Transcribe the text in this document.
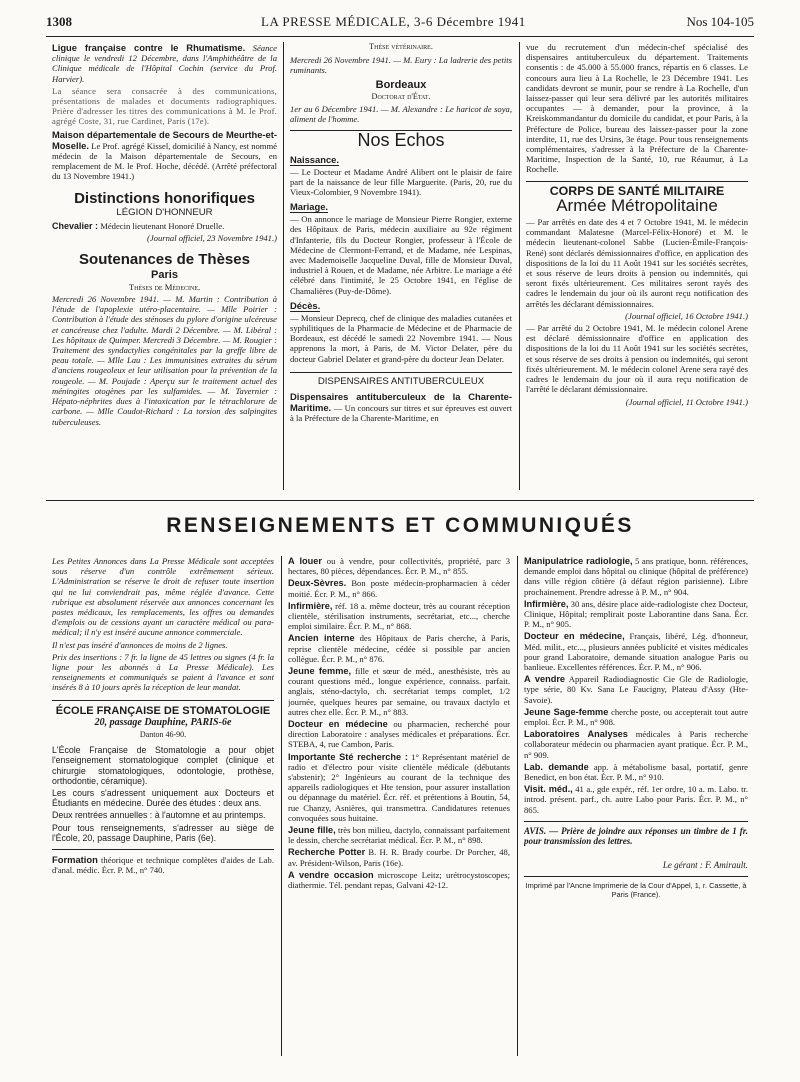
1308	LA PRESSE MÉDICALE, 3-6 Décembre 1941	Nos 104-105

Ligue française contre le Rhumatisme. Séance clinique le vendredi 12 Décembre, dans l'Amphithéâtre de la Clinique médicale de l'Hôpital Cochin (service du Prof. Harvier).

La séance sera consacrée à des communications, présentations de malades et documents radiographiques. Prière d'adresser les titres des communications à M. le Prof. agrégé Coste, 31, rue Cardinet, Paris (17e).

Maison départementale de Secours de Meurthe-et-Moselle. Le Prof. agrégé Kissel, domicilié à Nancy, est nommé médecin de la Maison départementale de Secours, en remplacement de M. le Prof. Hoche, décédé. (Arrêté préfectoral du 13 Novembre 1941.)

Distinctions honorifiques
LÉGION D'HONNEUR

Chevalier : Médecin lieutenant Honoré Druelle.

(Journal officiel, 23 Novembre 1941.)

Soutenances de Thèses
Paris
Thèses de Médecine.

Mercredi 26 Novembre 1941. — M. Martin : Contribution à l'étude de l'apoplexie utéro-placentaire. — Mlle Poirier : Contribution à l'étude des sténoses du pylore d'origine ulcéreuse et cancéreuse chez l'adulte. Mardi 2 Décembre. — M. Libéral : Les hôpitaux de Quimper. Mercredi 3 Décembre. — M. Rougier : Traitement des syndactylies congénitales par la greffe libre de peau totale. — Mlle Lau : Les immunisines extraites du sérum d'anciens rougeoleux et leur utilisation pour la prévention de la rougeole. — M. Poujade : Aperçu sur le traitement actuel des méningites otogènes par les sulfamides. — M. Tavernier : Hépato-néphrites dues à l'intoxication par le tétrachlorure de carbone. — Mlle Coudot-Richard : La torsion des salpingites tuberculeuses.

Thèse vétérinaire.

Mercredi 26 Novembre 1941. — M. Eury : La ladrerie des petits ruminants.

Bordeaux
Doctorat d'État.

1er au 6 Décembre 1941. — M. Alexandre : Le haricot de soya, aliment de l'homme.

Nos Echos
Naissance.

— Le Docteur et Madame André Alibert ont le plaisir de faire part de la naissance de leur fille Marguerite. (Paris, 20, rue du Vieux-Colombier, 9 Novembre 1941).

Mariage.

— On annonce le mariage de Monsieur Pierre Rongier, externe des Hôpitaux de Paris, médecin auxiliaire au 92e régiment d'Infanterie, fils du Docteur Rongier, professeur à l'École de Médecine de Clermont-Ferrand, et de Madame, née Lespinas, avec Mademoiselle Jacqueline Duval, fille de Monsieur Duval, industriel à Rouen, et de Madame, née Arbitre. Le mariage a été célébré dans l'intimité, le 25 Octobre 1941, en l'église de Chamalières (Puy-de-Dôme).

Décès.

— Monsieur Deprecq, chef de clinique des maladies cutanées et syphilitiques de la Pharmacie de Médecine et de Pharmacie de Bordeaux, est décédé le samedi 22 Novembre 1941. — Nous apprenons la mort, à Paris, de M. Victor Delater, père du docteur Gabriel Delater et grand-père du docteur Jean Delater.

DISPENSAIRES ANTITUBERCULEUX

Dispensaires antituberculeux de la Charente-Maritime. — Un concours sur titres et sur épreuves est ouvert à la Préfecture de la Charente-Maritime, en

vue du recrutement d'un médecin-chef spécialisé des dispensaires antituberculeux du département. Traitements consentis : de 45.000 à 55.000 francs, répartis en 6 classes. Le concours aura lieu à La Rochelle, le 23 Décembre 1941. Les candidats devront se munir, pour se rendre à La Rochelle, d'un laissez-passer qui leur sera délivré par les autorités militaires occupantes — à demander, pour la province, à la Kreiskommandantur du domicile du candidat, et pour Paris, à la Préfecture de Police, bureau des laissez-passer pour la zone interdite, 11, rue des Ursins, 3e étage. Pour tous renseignements complémentaires, s'adresser à la Préfecture de la Charente-Maritime, Inspection de la Santé, 10, rue Réaumur, à La Rochelle.

CORPS DE SANTÉ MILITAIRE
Armée Métropolitaine

— Par arrêtés en date des 4 et 7 Octobre 1941, M. le médecin commandant Malatesne (Marcel-Félix-Honoré) et M. le médecin lieutenant-colonel Sabbe (Lucien-Émile-François-René) sont déclarés démissionnaires d'office, en application des dispositions de la loi du 11 Août 1941 sur les sociétés secrètes, et sous réserve de leurs droits à pension ou indemnités, qui seront fixés ultérieurement. Ces militaires seront rayés des cadres le lendemain du jour où ils auront reçu notification des arrêtés les déclarant démissionnaires.

(Journal officiel, 16 Octobre 1941.)

— Par arrêté du 2 Octobre 1941, M. le médecin colonel Arene est déclaré démissionnaire d'office en application des dispositions de la loi du 11 Août 1941 sur les sociétés secrètes, et sous réserve de ses droits à pension ou indemnités, qui seront fixés ultérieurement. M. le médecin colonel Arene sera rayé des cadres le lendemain du jour où il aura reçu notification de l'arrêté le déclarant démissionnaire.

(Journal officiel, 11 Octobre 1941.)

RENSEIGNEMENTS ET COMMUNIQUÉS

Les Petites Annonces dans La Presse Médicale sont acceptées sous réserve d'un contrôle extrêmement sérieux. L'Administration se réserve le droit de refuser toute insertion qui ne lui conviendrait pas, même réglée d'avance. Cette rubrique est absolument réservée aux annonces concernant les postes médicaux, les remplacements, les offres ou demandes d'emplois ou de cessions ayant un caractère médical ou para-médical; il n'y est inséré aucune annonce commerciale.

Il n'est pas inséré d'annonces de moins de 2 lignes.

Prix des insertions : 7 fr. la ligne de 45 lettres ou signes (4 fr. la ligne pour les abonnés à La Presse Médicale). Les renseignements et communiqués se paient à l'avance et sont insérés 8 à 10 jours après la réception de leur mandat.

ÉCOLE FRANÇAISE DE STOMATOLOGIE
20, passage Dauphine, PARIS-6e
Danton 46-90.

L'École Française de Stomatologie a pour objet l'enseignement stomatologique complet (clinique et chirurgie stomatologiques, odontologie, prothèse, orthodontie, céramique).

Les cours s'adressent uniquement aux Docteurs et Étudiants en médecine. Durée des études : deux ans.

Deux rentrées annuelles : à l'automne et au printemps.

Pour tous renseignements, s'adresser au siège de l'École, 20, passage Dauphine, Paris (6e).

Formation théorique et technique complètes d'aides de Lab. d'anal. médic. Écr. P. M., n° 740.

A louer ou à vendre, pour collectivités, propriété, parc 3 hectares, 80 pièces, dépendances. Écr. P. M., n° 855.

Deux-Sèvres. Bon poste médecin-propharmacien à céder moitié. Écr. P. M., n° 866.

Infirmière, réf. 18 a. même docteur, très au courant réception clientèle, stérilisation instruments, secrétariat, etc..., cherche emploi similaire. Écr. P. M., n° 868.

Ancien interne des Hôpitaux de Paris cherche, à Paris, reprise clientèle médecine, cédée si possible par ancien collègue. Écr. P. M., n° 876.

Jeune femme, fille et sœur de méd., anesthésiste, très au courant questions méd., longue expérience, connaiss. parfait. anglais, sténo-dactylo, ch. secrétariat temps complet, 1/2 journée, quelques heures par semaine, ou travaux dactylo et autres chez elle. Écr. P. M., n° 883.

Docteur en médecine ou pharmacien, recherché pour direction Laboratoire : analyses médicales et préparations. Écr. STEBA, 4, rue Cambon, Paris.

Importante Sté recherche : 1° Représentant matériel de radio et d'électro pour visite clientèle médicale (débutants s'abstenir); 2° Ingénieurs au courant de la technique des appareils radiologiques et Hte tension, pour assurer installation ou dépannage du matériel. Écr. réf. et prétentions à Boutin, 54, rue Chanzy, Asnières, qui transmettra. Candidatures retenues convoquées sous huitaine.

Jeune fille, très bon milieu, dactylo, connaissant parfaitement le dessin, cherche secrétariat médical. Écr. P. M., n° 898.

Recherche Potter B. H. R. Brady courbe. Dr Porcher, 48, av. Président-Wilson, Paris (16e).

A vendre occasion microscope Leitz; urétrocystoscopes; diathermie. Tél. pendant repas, Galvani 42-12.

Manipulatrice radiologie, 5 ans pratique, bonn. références, demande emploi dans hôpital ou clinique (hôpital de préférence) dans ville région côtière (à défaut région parisienne). Libre prochainement. Prendre adresse à P. M., n° 904.

Infirmière, 30 ans, désire place aide-radiologiste chez Docteur, Clinique, Hôpital; remplirait poste Laborantine dans Sana. Écr. P. M., n° 905.

Docteur en médecine, Français, libéré, Lég. d'honneur, Méd. milit., etc..., plusieurs années publicité et visites médicales pour grand Laboratoire, demande situation analogue Paris ou banlieue. Excellentes références. Écr. P. M., n° 906.

A vendre Appareil Radiodiagnostic Cie Gle de Radiologie, type série, 80 Kv. Sana Le Faucigny, Plateau d'Assy (Hte-Savoie).

Jeune Sage-femme cherche poste, ou accepterait tout autre emploi. Écr. P. M., n° 908.

Laboratoires Analyses médicales à Paris recherche collaborateur médecin ou pharmacien ayant pratique. Écr. P. M., n° 909.

Lab. demande app. à métabolisme basal, portatif, genre Benedict, en bon état. Écr. P. M., n° 910.

Visit. méd., 41 a., gde expér., réf. 1er ordre, 10 a. m. Labo. tr. introd. présent. parf., ch. autre Labo pour Paris. Écr. P. M., n° 865.

AVIS. — Prière de joindre aux réponses un timbre de 1 fr. pour transmission des lettres.

Le gérant : F. Amirault.

Imprimé par l'Ancne Imprimerie de la Cour d'Appel, 1, r. Cassette, à Paris (France).
